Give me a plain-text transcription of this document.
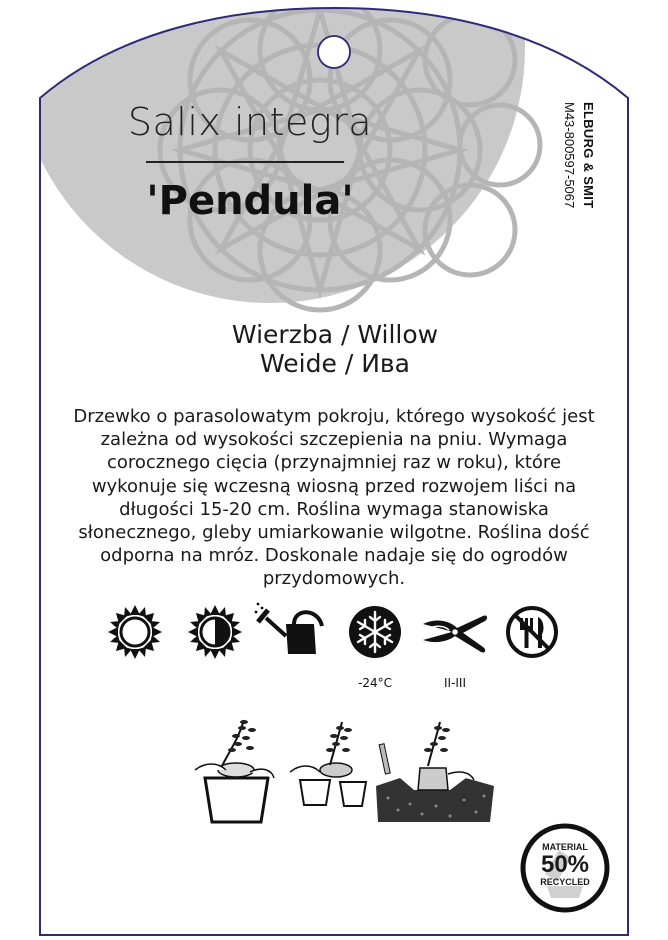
Salix integra
'Pendula'	ELBURG & SMIT
M43-800597-5067
Wierzba / Willow
Weide / Ива
Drzewko o parasolowatym pokroju, którego wysokość jest zależna od wysokości szczepienia na pniu. Wymaga corocznego cięcia (przynajmniej raz w roku), które wykonuje się wczesną wiosną przed rozwojem liści na długości 15-20 cm. Roślina wymaga stanowiska słonecznego, gleby umiarkowanie wilgotne. Roślina dość odporna na mróz. Doskonale nadaje się do ogrodów przydomowych.
-24°C	II-III
MATERIAL
50%
RECYCLED
